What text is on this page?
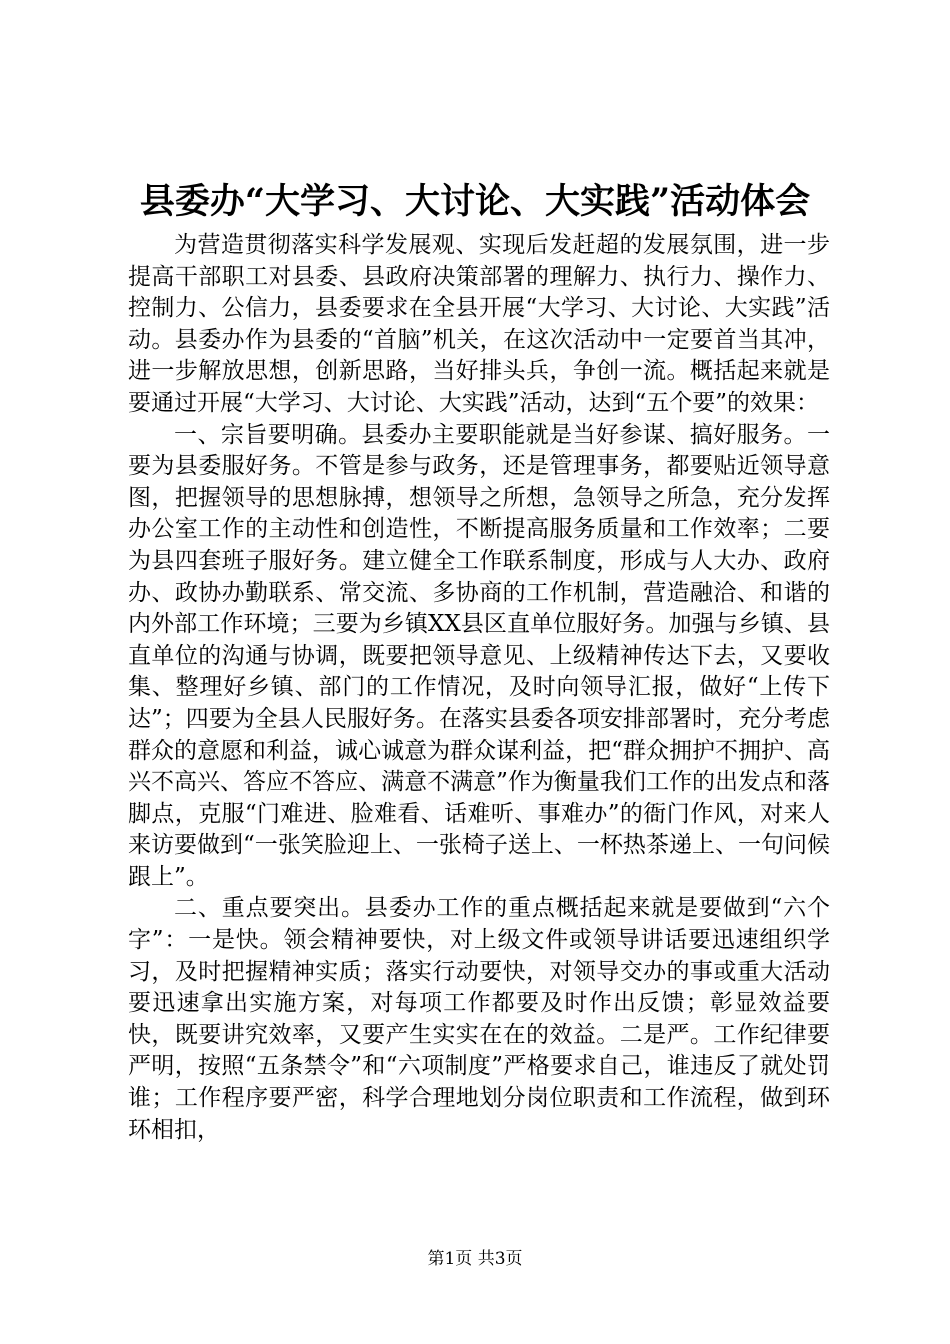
县委办“大学习、大讨论、大实践”活动体会

为营造贯彻落实科学发展观、实现后发赶超的发展氛围，进一步提高干部职工对县委、县政府决策部署的理解力、执行力、操作力、控制力、公信力，县委要求在全县开展“大学习、大讨论、大实践”活动。县委办作为县委的“首脑”机关，在这次活动中一定要首当其冲，进一步解放思想，创新思路，当好排头兵，争创一流。概括起来就是要通过开展“大学习、大讨论、大实践”活动，达到“五个要”的效果：

一、宗旨要明确。县委办主要职能就是当好参谋、搞好服务。一要为县委服好务。不管是参与政务，还是管理事务，都要贴近领导意图，把握领导的思想脉搏，想领导之所想，急领导之所急，充分发挥办公室工作的主动性和创造性，不断提高服务质量和工作效率；二要为县四套班子服好务。建立健全工作联系制度，形成与人大办、政府办、政协办勤联系、常交流、多协商的工作机制，营造融洽、和谐的内外部工作环境；三要为乡镇XX县区直单位服好务。加强与乡镇、县直单位的沟通与协调，既要把领导意见、上级精神传达下去，又要收集、整理好乡镇、部门的工作情况，及时向领导汇报，做好“上传下达”；四要为全县人民服好务。在落实县委各项安排部署时，充分考虑群众的意愿和利益，诚心诚意为群众谋利益，把“群众拥护不拥护、高兴不高兴、答应不答应、满意不满意”作为衡量我们工作的出发点和落脚点，克服“门难进、脸难看、话难听、事难办”的衙门作风，对来人来访要做到“一张笑脸迎上、一张椅子送上、一杯热茶递上、一句问候跟上”。

二、重点要突出。县委办工作的重点概括起来就是要做到“六个字”：一是快。领会精神要快，对上级文件或领导讲话要迅速组织学习，及时把握精神实质；落实行动要快，对领导交办的事或重大活动要迅速拿出实施方案，对每项工作都要及时作出反馈；彰显效益要快，既要讲究效率，又要产生实实在在的效益。二是严。工作纪律要严明，按照“五条禁令”和“六项制度”严格要求自己，谁违反了就处罚谁；工作程序要严密，科学合理地划分岗位职责和工作流程，做到环环相扣，

第1页 共3页
